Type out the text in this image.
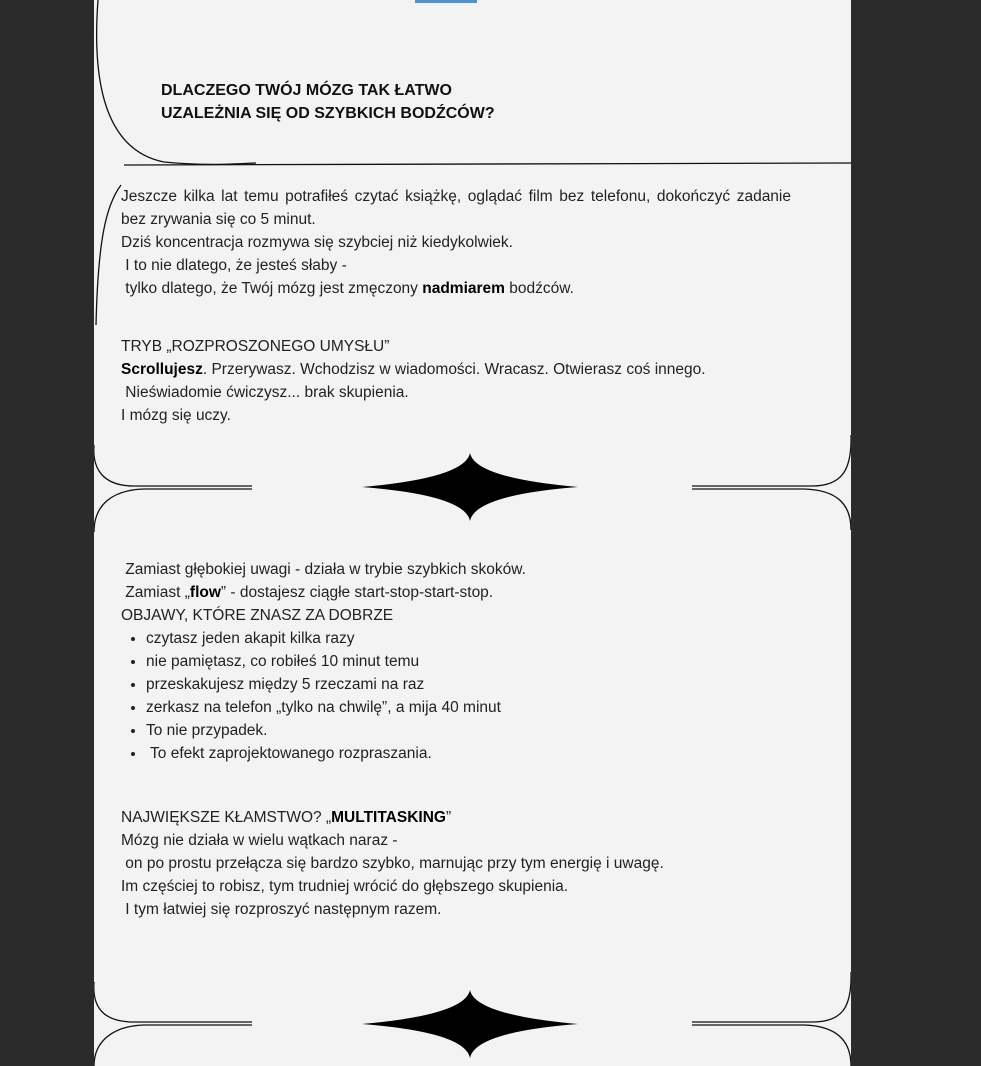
DLACZEGO TWÓJ MÓZG TAK ŁATWO
UZALEŻNIA SIĘ OD SZYBKICH BODŹCÓW?

Jeszcze kilka lat temu potrafiłeś czytać książkę, oglądać film bez telefonu, dokończyć zadanie bez zrywania się co 5 minut.

Dziś koncentracja rozmywa się szybciej niż kiedykolwiek.

I to nie dlatego, że jesteś słaby -

tylko dlatego, że Twój mózg jest zmęczony nadmiarem bodźców.

TRYB „ROZPROSZONEGO UMYSŁU”

Scrollujesz. Przerywasz. Wchodzisz w wiadomości. Wracasz. Otwierasz coś innego.

Nieświadomie ćwiczysz... brak skupienia.

I mózg się uczy.

Zamiast głębokiej uwagi - działa w trybie szybkich skoków.

Zamiast „flow” - dostajesz ciągłe start-stop-start-stop.

OBJAWY, KTÓRE ZNASZ ZA DOBRZE

• czytasz jeden akapit kilka razy
• nie pamiętasz, co robiłeś 10 minut temu
• przeskakujesz między 5 rzeczami na raz
• zerkasz na telefon „tylko na chwilę”, a mija 40 minut
• To nie przypadek.
•  To efekt zaprojektowanego rozpraszania.

NAJWIĘKSZE KŁAMSTWO? „MULTITASKING”

Mózg nie działa w wielu wątkach naraz -

on po prostu przełącza się bardzo szybko, marnując przy tym energię i uwagę.

Im częściej to robisz, tym trudniej wrócić do głębszego skupienia.

I tym łatwiej się rozproszyć następnym razem.
